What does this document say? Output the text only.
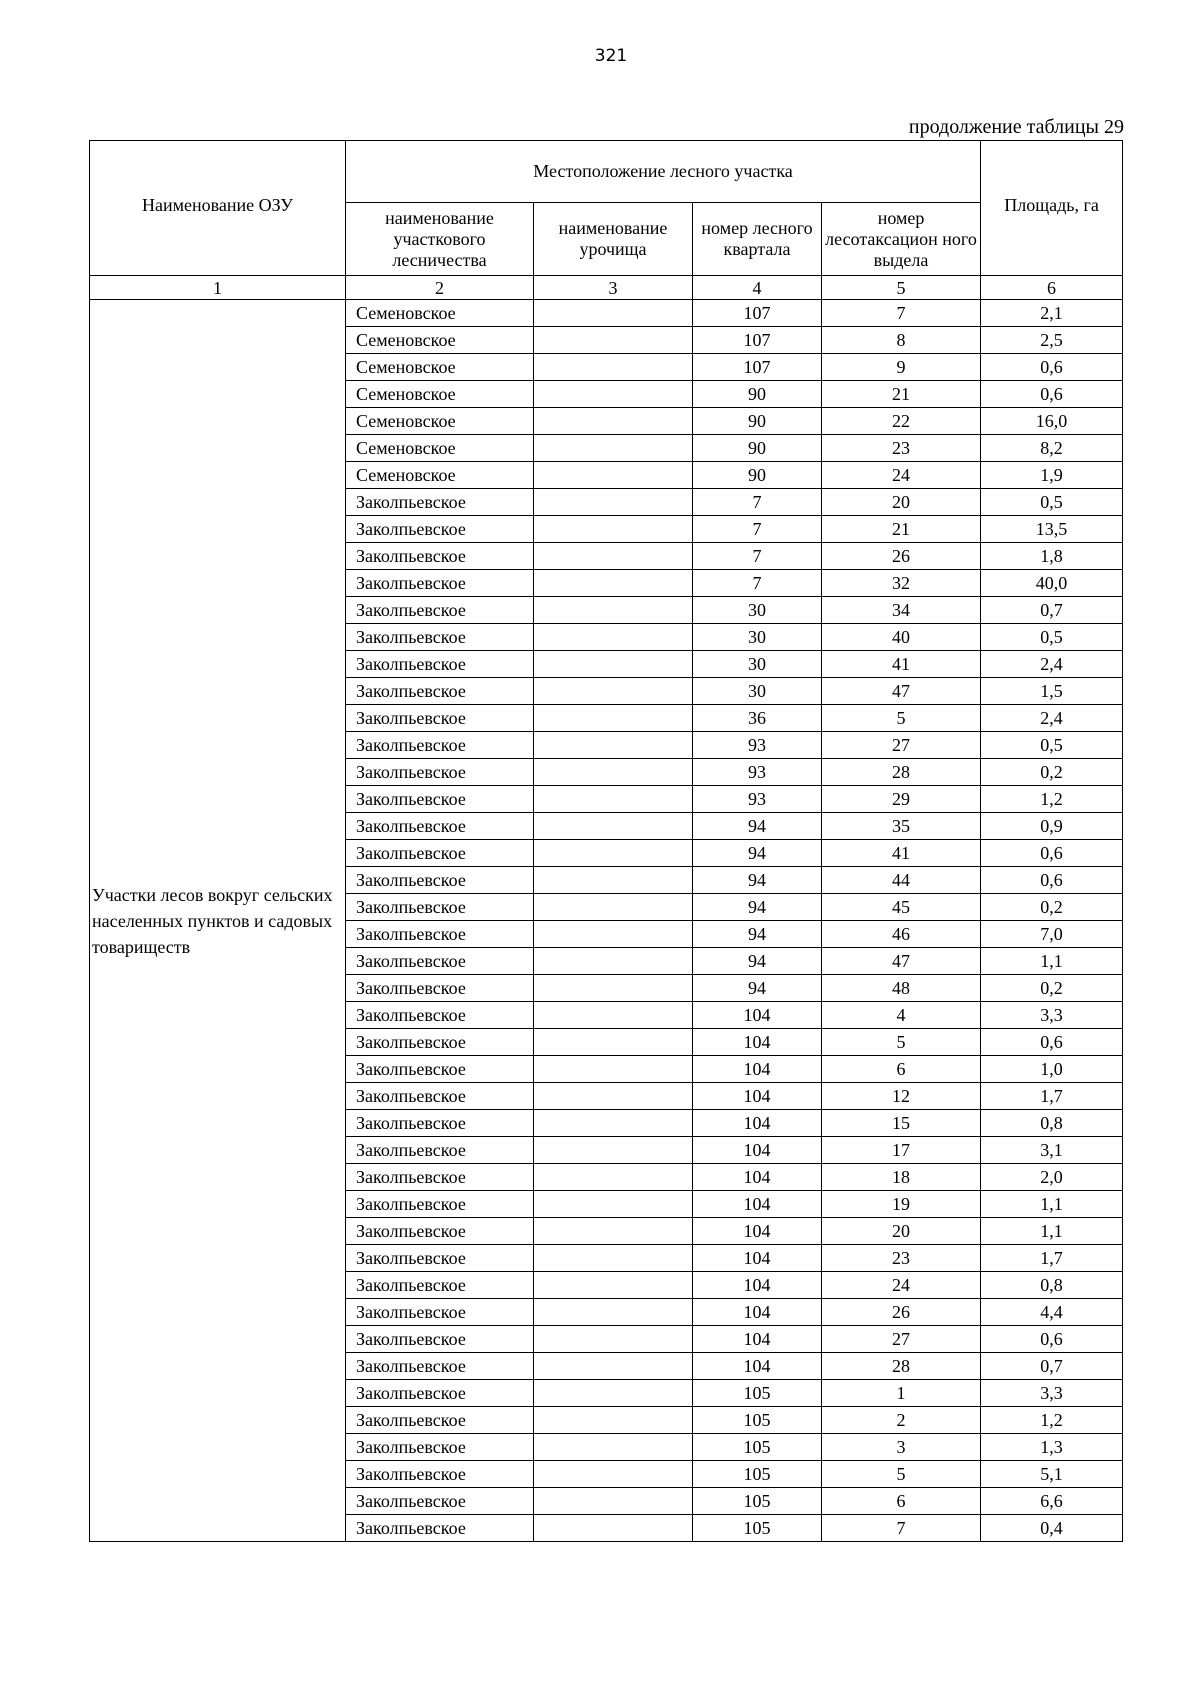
321
продолжение таблицы 29
Наименование ОЗУ	Местоположение лесного участка				Площадь, га
	наименование участкового лесничества	наименование урочища	номер лесного квартала	номер лесотаксацион ного выдела	
1	2	3	4	5	6
Участки лесов вокруг сельских населенных пунктов и садовых товариществ	Семеновское		107	7	2,1
	Семеновское		107	8	2,5
	Семеновское		107	9	0,6
	Семеновское		90	21	0,6
	Семеновское		90	22	16,0
	Семеновское		90	23	8,2
	Семеновское		90	24	1,9
	Заколпьевское		7	20	0,5
	Заколпьевское		7	21	13,5
	Заколпьевское		7	26	1,8
	Заколпьевское		7	32	40,0
	Заколпьевское		30	34	0,7
	Заколпьевское		30	40	0,5
	Заколпьевское		30	41	2,4
	Заколпьевское		30	47	1,5
	Заколпьевское		36	5	2,4
	Заколпьевское		93	27	0,5
	Заколпьевское		93	28	0,2
	Заколпьевское		93	29	1,2
	Заколпьевское		94	35	0,9
	Заколпьевское		94	41	0,6
	Заколпьевское		94	44	0,6
	Заколпьевское		94	45	0,2
	Заколпьевское		94	46	7,0
	Заколпьевское		94	47	1,1
	Заколпьевское		94	48	0,2
	Заколпьевское		104	4	3,3
	Заколпьевское		104	5	0,6
	Заколпьевское		104	6	1,0
	Заколпьевское		104	12	1,7
	Заколпьевское		104	15	0,8
	Заколпьевское		104	17	3,1
	Заколпьевское		104	18	2,0
	Заколпьевское		104	19	1,1
	Заколпьевское		104	20	1,1
	Заколпьевское		104	23	1,7
	Заколпьевское		104	24	0,8
	Заколпьевское		104	26	4,4
	Заколпьевское		104	27	0,6
	Заколпьевское		104	28	0,7
	Заколпьевское		105	1	3,3
	Заколпьевское		105	2	1,2
	Заколпьевское		105	3	1,3
	Заколпьевское		105	5	5,1
	Заколпьевское		105	6	6,6
	Заколпьевское		105	7	0,4
